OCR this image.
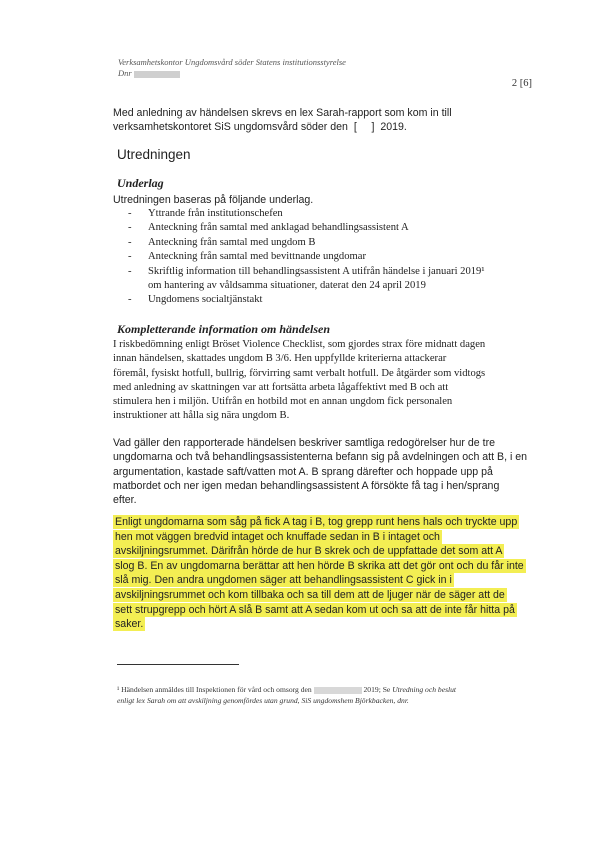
Verksamhetskontor Ungdomsvård söder Statens institutionsstyrelse
Dnr
2 [6]
Med anledning av händelsen skrevs en lex Sarah-rapport som kom in till
verksamhetskontoret SiS ungdomsvård söder den  [     ]  2019.
Utredningen
Underlag
Utredningen baseras på följande underlag.
- Yttrande från institutionschefen
- Anteckning från samtal med anklagad behandlingsassistent A
- Anteckning från samtal med ungdom B
- Anteckning från samtal med bevittnande ungdomar
- Skriftlig information till behandlingsassistent A utifrån händelse i januari 2019¹
om hantering av våldsamma situationer, daterat den 24 april 2019
- Ungdomens socialtjänstakt
Kompletterande information om händelsen
I riskbedömning enligt Bröset Violence Checklist, som gjordes strax före midnatt dagen
innan händelsen, skattades ungdom B 3/6. Hen uppfyllde kriterierna attackerar
föremål, fysiskt hotfull, bullrig, förvirring samt verbalt hotfull. De åtgärder som vidtogs
med anledning av skattningen var att fortsätta arbeta lågaffektivt med B och att
stimulera hen i miljön. Utifrån en hotbild mot en annan ungdom fick personalen
instruktioner att hålla sig nära ungdom B.
Vad gäller den rapporterade händelsen beskriver samtliga redogörelser hur de tre
ungdomarna och två behandlingsassistenterna befann sig på avdelningen och att B, i en
argumentation, kastade saft/vatten mot A. B sprang därefter och hoppade upp på
matbordet och ner igen medan behandlingsassistent A försökte få tag i hen/sprang
efter.
Enligt ungdomarna som såg på fick A tag i B, tog grepp runt hens hals och tryckte upp
hen mot väggen bredvid intaget och knuffade sedan in B i intaget och
avskiljningsrummet. Därifrån hörde de hur B skrek och de uppfattade det som att A
slog B. En av ungdomarna berättar att hen hörde B skrika att det gör ont och du får inte
slå mig. Den andra ungdomen säger att behandlingsassistent C gick in i
avskiljningsrummet och kom tillbaka och sa till dem att de ljuger när de säger att de
sett strupgrepp och hört A slå B samt att A sedan kom ut och sa att de inte får hitta på
saker.
¹ Händelsen anmäldes till Inspektionen för vård och omsorg den	2019; Se Utredning och beslut
enligt lex Sarah om att avskiljning genomfördes utan grund, SiS ungdomshem Björkbacken, dnr.
